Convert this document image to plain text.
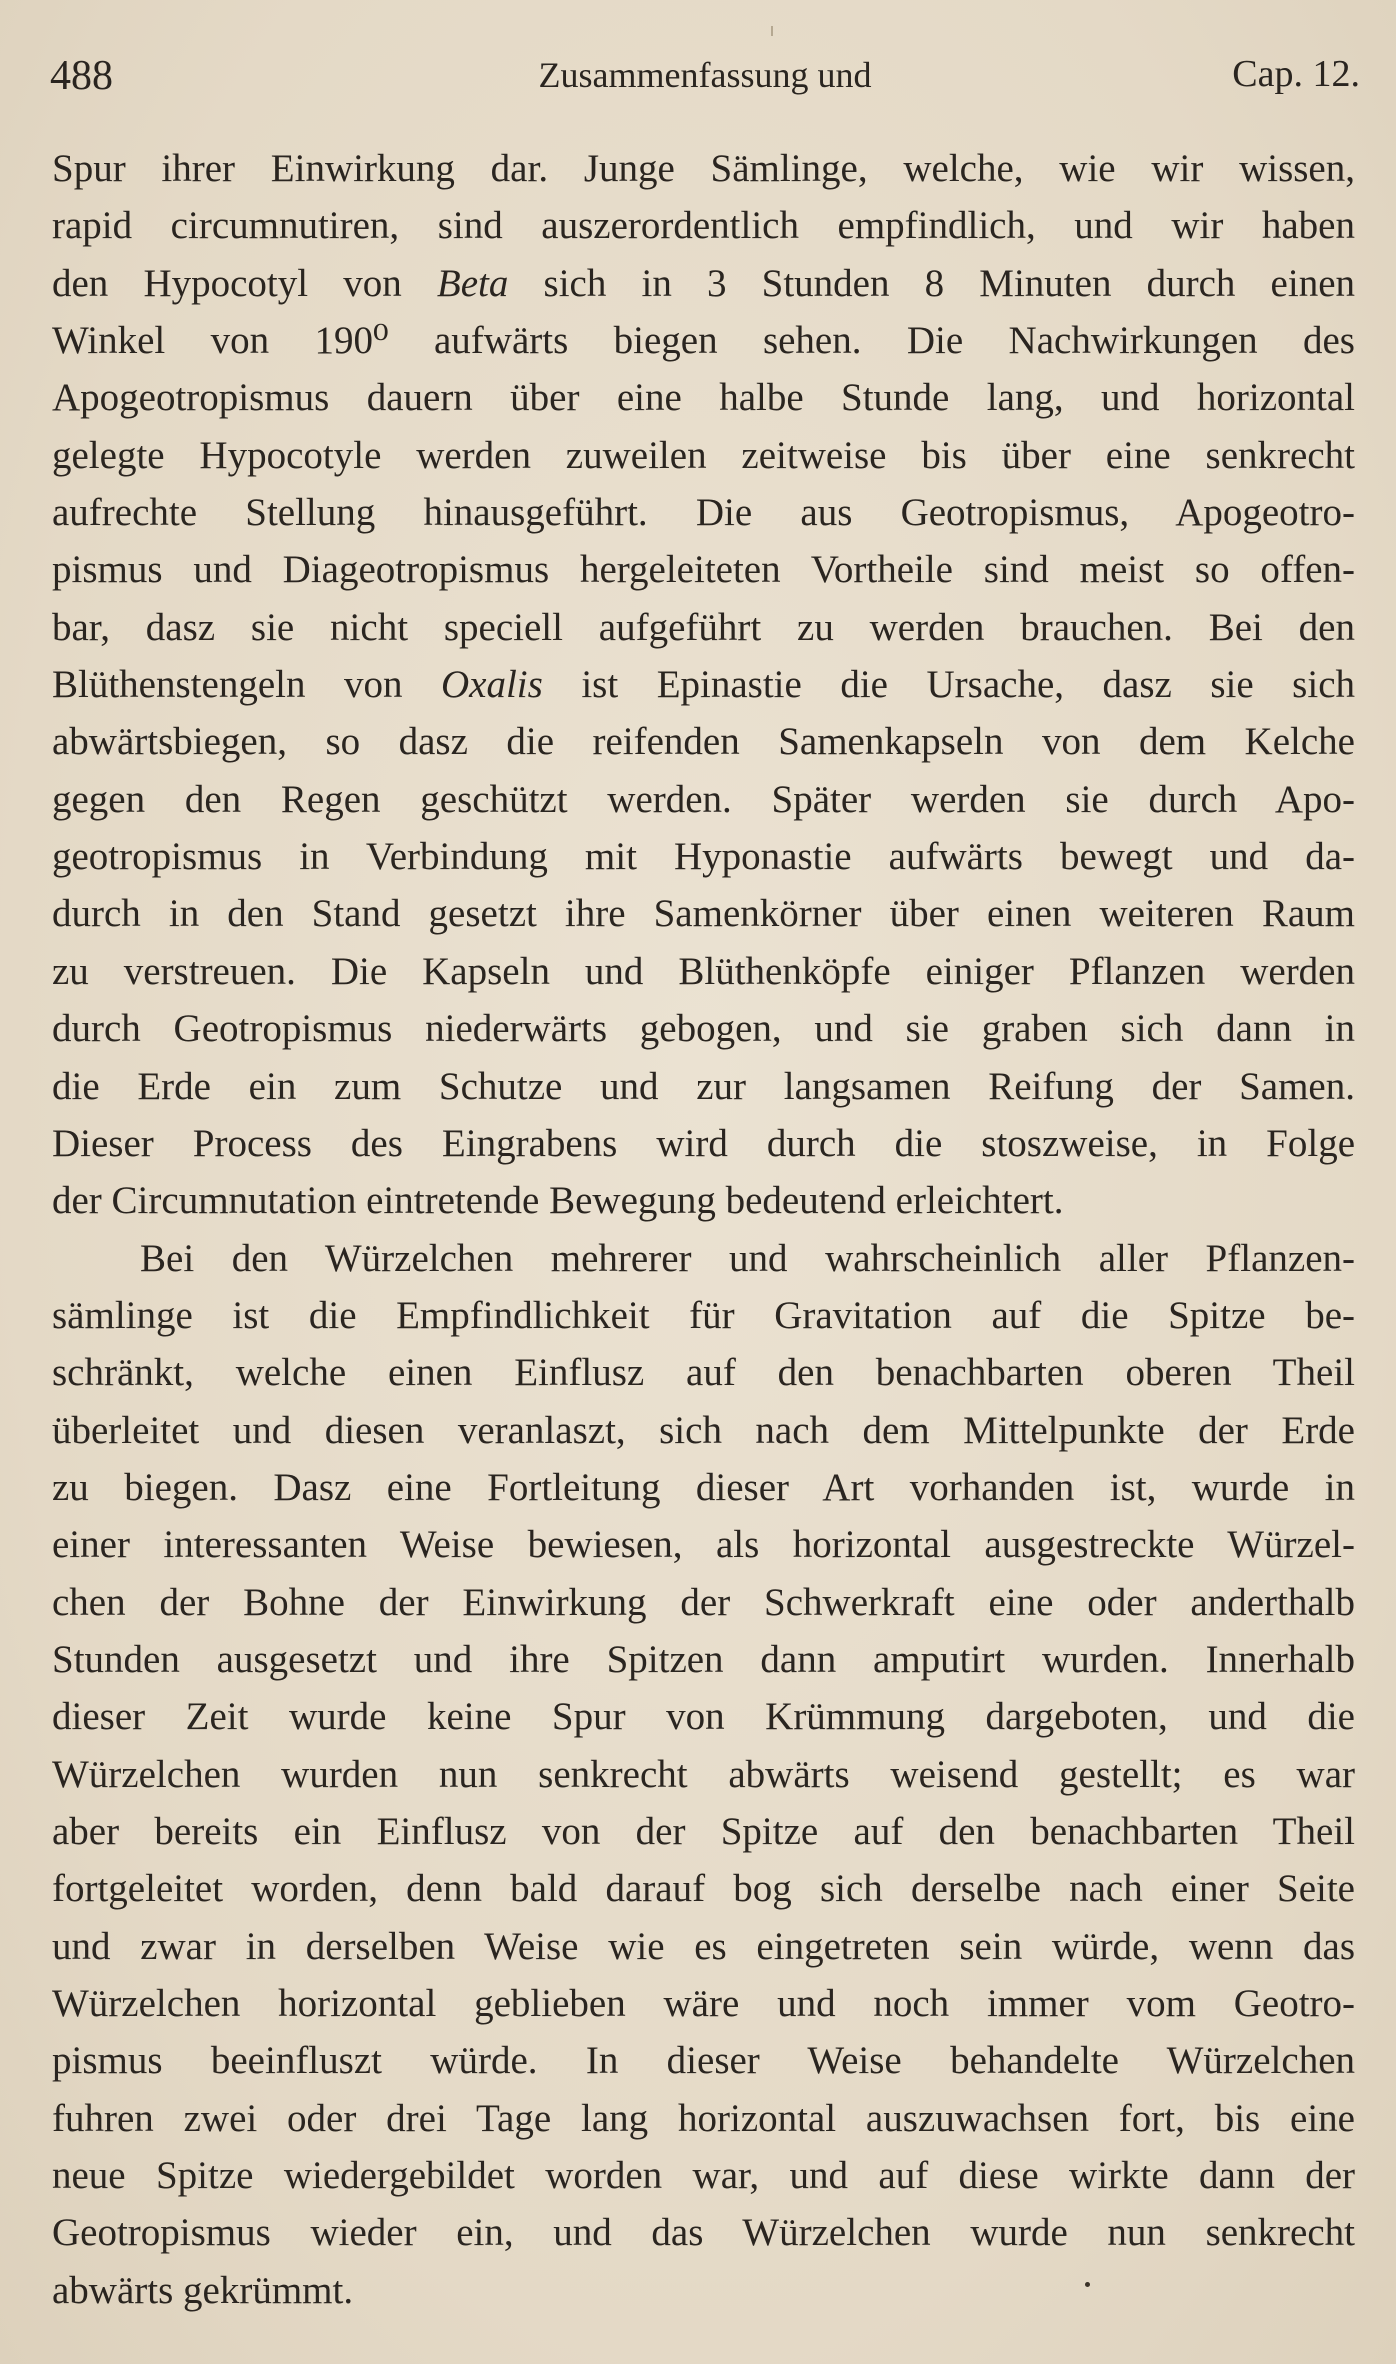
488	Zusammenfassung und	Cap. 12.
Spur ihrer Einwirkung dar. Junge Sämlinge, welche, wie wir wissen,
rapid circumnutiren, sind auszerordentlich empfindlich, und wir haben
den Hypocotyl von Beta sich in 3 Stunden 8 Minuten durch einen
Winkel von 190⁰ aufwärts biegen sehen. Die Nachwirkungen des
Apogeotropismus dauern über eine halbe Stunde lang, und horizontal
gelegte Hypocotyle werden zuweilen zeitweise bis über eine senkrecht
aufrechte Stellung hinausgeführt. Die aus Geotropismus, Apogeotro-
pismus und Diageotropismus hergeleiteten Vortheile sind meist so offen-
bar, dasz sie nicht speciell aufgeführt zu werden brauchen. Bei den
Blüthenstengeln von Oxalis ist Epinastie die Ursache, dasz sie sich
abwärtsbiegen, so dasz die reifenden Samenkapseln von dem Kelche
gegen den Regen geschützt werden. Später werden sie durch Apo-
geotropismus in Verbindung mit Hyponastie aufwärts bewegt und da-
durch in den Stand gesetzt ihre Samenkörner über einen weiteren Raum
zu verstreuen. Die Kapseln und Blüthenköpfe einiger Pflanzen werden
durch Geotropismus niederwärts gebogen, und sie graben sich dann in
die Erde ein zum Schutze und zur langsamen Reifung der Samen.
Dieser Process des Eingrabens wird durch die stoszweise, in Folge
der Circumnutation eintretende Bewegung bedeutend erleichtert.
Bei den Würzelchen mehrerer und wahrscheinlich aller Pflanzen-
sämlinge ist die Empfindlichkeit für Gravitation auf die Spitze be-
schränkt, welche einen Einflusz auf den benachbarten oberen Theil
überleitet und diesen veranlaszt, sich nach dem Mittelpunkte der Erde
zu biegen. Dasz eine Fortleitung dieser Art vorhanden ist, wurde in
einer interessanten Weise bewiesen, als horizontal ausgestreckte Würzel-
chen der Bohne der Einwirkung der Schwerkraft eine oder anderthalb
Stunden ausgesetzt und ihre Spitzen dann amputirt wurden. Innerhalb
dieser Zeit wurde keine Spur von Krümmung dargeboten, und die
Würzelchen wurden nun senkrecht abwärts weisend gestellt; es war
aber bereits ein Einflusz von der Spitze auf den benachbarten Theil
fortgeleitet worden, denn bald darauf bog sich derselbe nach einer Seite
und zwar in derselben Weise wie es eingetreten sein würde, wenn das
Würzelchen horizontal geblieben wäre und noch immer vom Geotro-
pismus beeinfluszt würde. In dieser Weise behandelte Würzelchen
fuhren zwei oder drei Tage lang horizontal auszuwachsen fort, bis eine
neue Spitze wiedergebildet worden war, und auf diese wirkte dann der
Geotropismus wieder ein, und das Würzelchen wurde nun senkrecht
abwärts gekrümmt.
